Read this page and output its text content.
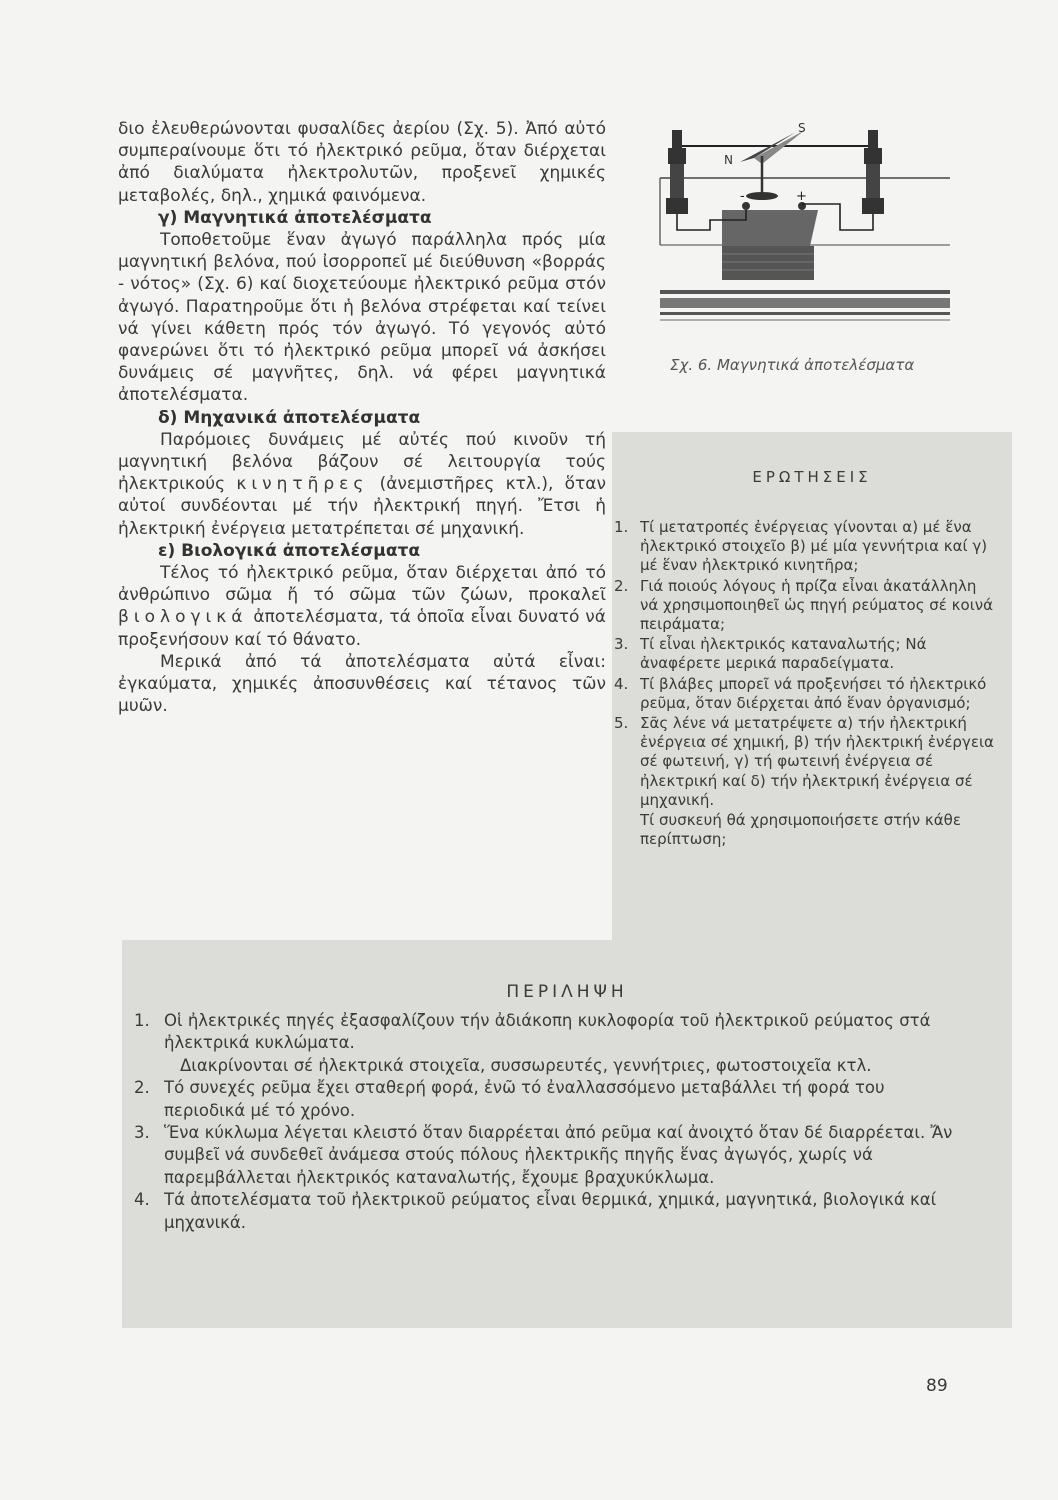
διο ἐλευθερώνονται φυσαλίδες ἀερίου (Σχ. 5). Ἀπό αὐτό συμπεραίνουμε ὅτι τό ἠλεκτρικό ρεῦμα, ὅταν διέρχεται ἀπό διαλύματα ἠλεκτρολυτῶν, προξενεῖ χημικές μεταβολές, δηλ., χημικά φαινόμενα.

γ) Μαγνητικά ἀποτελέσματα

Τοποθετοῦμε ἕναν ἀγωγό παράλληλα πρός μία μαγνητική βελόνα, πού ἰσορροπεῖ μέ διεύθυνση «βορράς - νότος» (Σχ. 6) καί διοχετεύουμε ἠλεκτρικό ρεῦμα στόν ἀγωγό. Παρατηροῦμε ὅτι ἡ βελόνα στρέφεται καί τείνει νά γίνει κάθετη πρός τόν ἀγωγό. Τό γεγονός αὐτό φανερώνει ὅτι τό ἠλεκτρικό ρεῦμα μπορεῖ νά ἀσκήσει δυνάμεις σέ μαγνῆτες, δηλ. νά φέρει μαγνητικά ἀποτελέσματα.

δ) Μηχανικά ἀποτελέσματα

Παρόμοιες δυνάμεις μέ αὐτές πού κινοῦν τή μαγνητική βελόνα βάζουν σέ λειτουργία τούς ἠλεκτρικούς κινητῆρες (ἀνεμιστῆρες κτλ.), ὅταν αὐτοί συνδέονται μέ τήν ἠλεκτρική πηγή. Ἔτσι ἡ ἠλεκτρική ἐνέργεια μετατρέπεται σέ μηχανική.

ε) Βιολογικά ἀποτελέσματα

Τέλος τό ἠλεκτρικό ρεῦμα, ὅταν διέρχεται ἀπό τό ἀνθρώπινο σῶμα ἤ τό σῶμα τῶν ζώων, προκαλεῖ βιολογικά ἀποτελέσματα, τά ὁποῖα εἶναι δυνατό νά προξενήσουν καί τό θάνατο.

Μερικά ἀπό τά ἀποτελέσματα αὐτά εἶναι: ἐγκαύματα, χημικές ἀποσυνθέσεις καί τέτανος τῶν μυῶν.

N
S
-	+
Σχ. 6. Μαγνητικά ἀποτελέσματα
ΕΡΩΤΗΣΕΙΣ
1. Τί μετατροπές ἐνέργειας γίνονται α) μέ ἕνα ἠλεκτρικό στοιχεῖο β) μέ μία γεννήτρια καί γ) μέ ἕναν ἠλεκτρικό κινητῆρα;
2. Γιά ποιούς λόγους ἡ πρίζα εἶναι ἀκατάλληλη νά χρησιμοποιηθεῖ ὡς πηγή ρεύματος σέ κοινά πειράματα;
3. Τί εἶναι ἠλεκτρικός καταναλωτής; Νά ἀναφέρετε μερικά παραδείγματα.
4. Τί βλάβες μπορεῖ νά προξενήσει τό ἠλεκτρικό ρεῦμα, ὅταν διέρχεται ἀπό ἕναν ὀργανισμό;
5. Σᾶς λένε νά μετατρέψετε α) τήν ἠλεκτρική ἐνέργεια σέ χημική, β) τήν ἠλεκτρική ἐνέργεια σέ φωτεινή, γ) τή φωτεινή ἐνέργεια σέ ἠλεκτρική καί δ) τήν ἠλεκτρική ἐνέργεια σέ μηχανική.
Τί συσκευή θά χρησιμοποιήσετε στήν κάθε περίπτωση;
ΠΕΡΙΛΗΨΗ
1. Οἱ ἠλεκτρικές πηγές ἐξασφαλίζουν τήν ἀδιάκοπη κυκλοφορία τοῦ ἠλεκτρικοῦ ρεύματος στά ἠλεκτρικά κυκλώματα.
Διακρίνονται σέ ἠλεκτρικά στοιχεῖα, συσσωρευτές, γεννήτριες, φωτοστοιχεῖα κτλ.
2. Τό συνεχές ρεῦμα ἔχει σταθερή φορά, ἐνῶ τό ἐναλλασσόμενο μεταβάλλει τή φορά του περιοδικά μέ τό χρόνο.
3. Ἕνα κύκλωμα λέγεται κλειστό ὅταν διαρρέεται ἀπό ρεῦμα καί ἀνοιχτό ὅταν δέ διαρρέεται. Ἄν συμβεῖ νά συνδεθεῖ ἀνάμεσα στούς πόλους ἠλεκτρικῆς πηγῆς ἕνας ἀγωγός, χωρίς νά παρεμβάλλεται ἠλεκτρικός καταναλωτής, ἔχουμε βραχυκύκλωμα.
4. Τά ἀποτελέσματα τοῦ ἠλεκτρικοῦ ρεύματος εἶναι θερμικά, χημικά, μαγνητικά, βιολογικά καί μηχανικά.
89
